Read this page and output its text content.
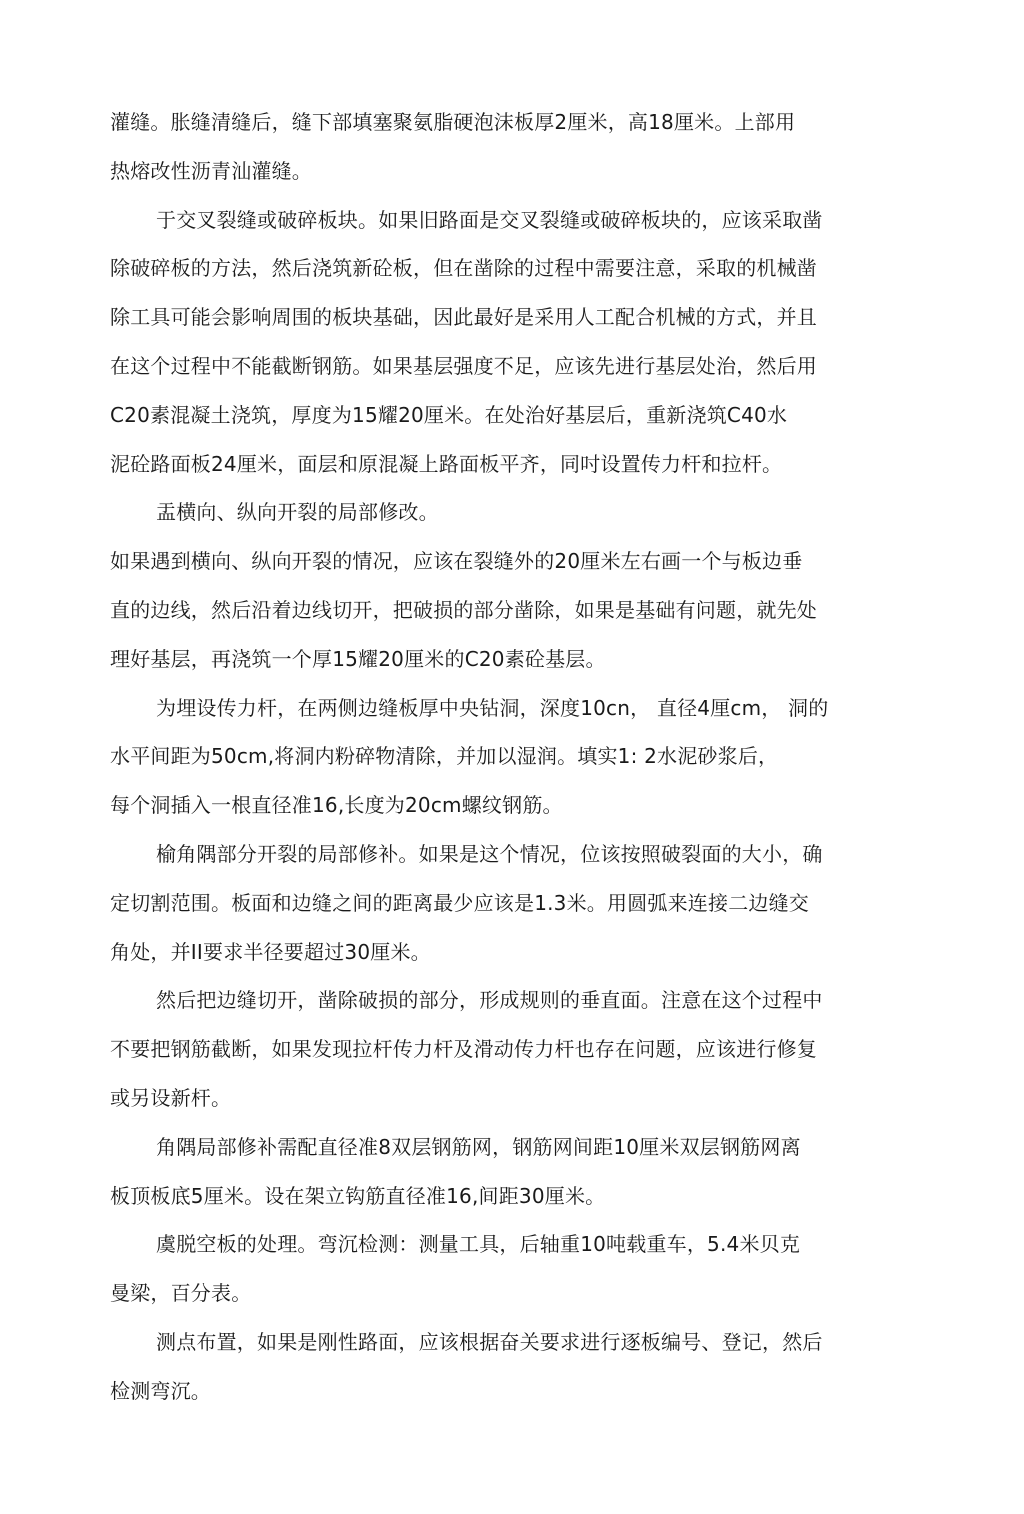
灌缝。胀缝清缝后，缝下部填塞聚氨脂硬泡沫板厚2厘米，高18厘米。上部用
热熔改性沥青汕灌缝。
于交叉裂缝或破碎板块。如果旧路面是交叉裂缝或破碎板块的，应该采取凿
除破碎板的方法，然后浇筑新砼板，但在凿除的过程中需要注意，采取的机械凿
除工具可能会影响周围的板块基础，因此最好是采用人工配合机械的方式，并且
在这个过程中不能截断钢筋。如果基层强度不足，应该先进行基层处治，然后用
C20素混凝土浇筑，厚度为15耀20厘米。在处治好基层后，重新浇筑C40水
泥砼路面板24厘米，面层和原混凝上路面板平齐，同吋设置传力杆和拉杆。
盂横向、纵向开裂的局部修改。
如果遇到横向、纵向开裂的情况，应该在裂缝外的20厘米左右画一个与板边垂
直的边线，然后沿着边线切开，把破损的部分凿除，如果是基础有问题，就先处
理好基层，再浇筑一个厚15耀20厘米的C20素砼基层。
为埋设传力杆，在两侧边缝板厚中央钻洞，深度10cn， 直径4厘cm， 洞的
水平间距为50cm,将洞内粉碎物清除，并加以湿润。填实1: 2水泥砂浆后，
每个洞插入一根直径准16,长度为20cm螺纹钢筋。
榆角隅部分开裂的局部修补。如果是这个情况，位该按照破裂面的大小，确
定切割范围。板面和边缝之间的距离最少应该是1.3米。用圆弧来连接二边缝交
角处，并II要求半径要超过30厘米。
然后把边缝切开，凿除破损的部分，形成规则的垂直面。注意在这个过程中
不要把钢筋截断，如果发现拉杆传力杆及滑动传力杆也存在问题，应该进行修复
或另设新杆。
角隅局部修补需配直径准8双层钢筋网，钢筋网间距10厘米双层钢筋网离
板顶板底5厘米。设在架立钩筋直径准16,间距30厘米。
虞脱空板的处理。弯沉检测：测量工具，后轴重10吨载重车，5.4米贝克
曼梁，百分表。
测点布置，如果是刚性路面，应该根据奋关要求进行逐板编号、登记，然后
检测弯沉。
